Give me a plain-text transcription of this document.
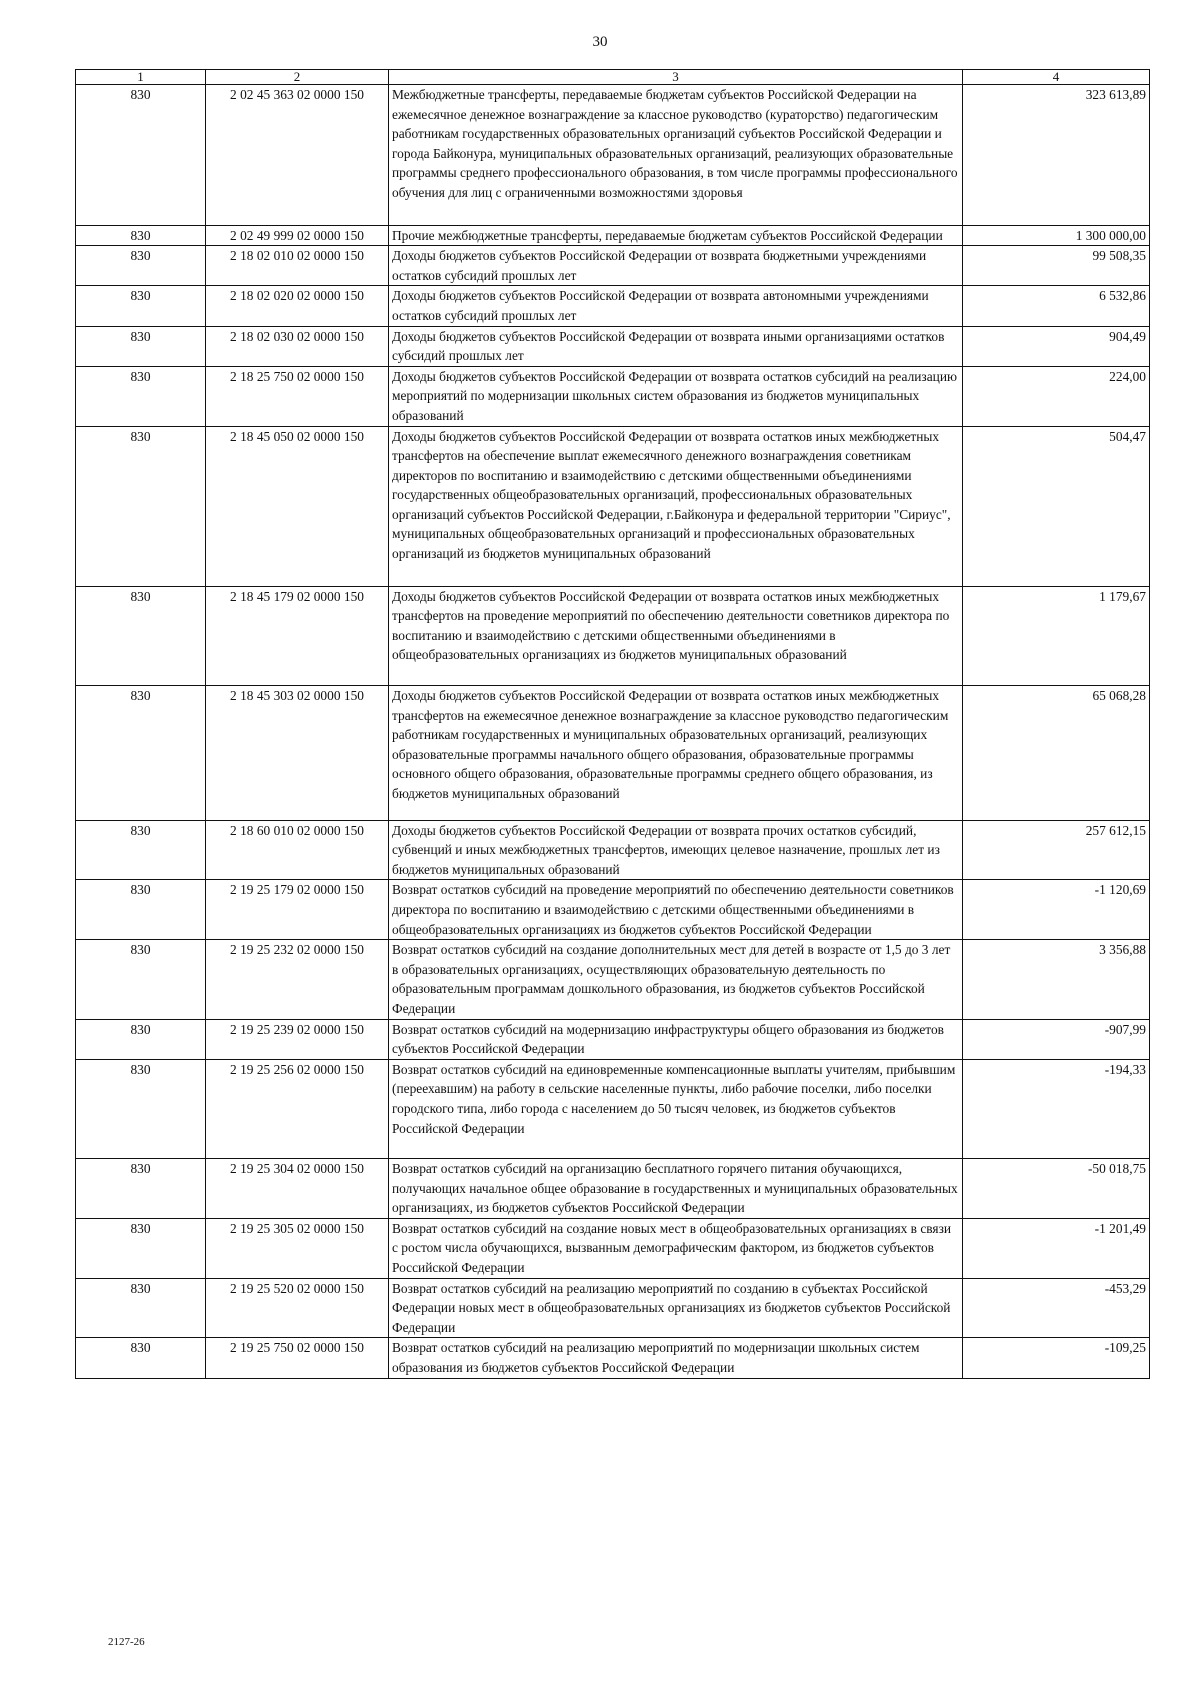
30
1	2	3	4
830	2 02 45 363 02 0000 150	Межбюджетные трансферты, передаваемые бюджетам субъектов Российской Федерации на ежемесячное денежное вознаграждение за классное руководство (кураторство) педагогическим работникам государственных образовательных организаций субъектов Российской Федерации и города Байконура, муниципальных образовательных организаций, реализующих образовательные программы среднего профессионального образования, в том числе программы профессионального обучения для лиц с ограниченными возможностями здоровья	323 613,89
830	2 02 49 999 02 0000 150	Прочие межбюджетные трансферты, передаваемые бюджетам субъектов Российской Федерации	1 300 000,00
830	2 18 02 010 02 0000 150	Доходы бюджетов субъектов Российской Федерации от возврата бюджетными учреждениями остатков субсидий прошлых лет	99 508,35
830	2 18 02 020 02 0000 150	Доходы бюджетов субъектов Российской Федерации от возврата автономными учреждениями остатков субсидий прошлых лет	6 532,86
830	2 18 02 030 02 0000 150	Доходы бюджетов субъектов Российской Федерации от возврата иными организациями остатков субсидий прошлых лет	904,49
830	2 18 25 750 02 0000 150	Доходы бюджетов субъектов Российской Федерации от возврата остатков субсидий на реализацию мероприятий по модернизации школьных систем образования из бюджетов муниципальных образований	224,00
830	2 18 45 050 02 0000 150	Доходы бюджетов субъектов Российской Федерации от возврата остатков иных межбюджетных трансфертов на обеспечение выплат ежемесячного денежного вознаграждения советникам директоров по воспитанию и взаимодействию с детскими общественными объединениями государственных общеобразовательных организаций, профессиональных образовательных организаций субъектов Российской Федерации, г.Байконура и федеральной территории "Сириус", муниципальных общеобразовательных организаций и профессиональных образовательных организаций из бюджетов муниципальных образований	504,47
830	2 18 45 179 02 0000 150	Доходы бюджетов субъектов Российской Федерации от возврата остатков иных межбюджетных трансфертов на проведение мероприятий по обеспечению деятельности советников директора по воспитанию и взаимодействию с детскими общественными объединениями в общеобразовательных организациях из бюджетов муниципальных образований	1 179,67
830	2 18 45 303 02 0000 150	Доходы бюджетов субъектов Российской Федерации от возврата остатков иных межбюджетных трансфертов на ежемесячное денежное вознаграждение за классное руководство педагогическим работникам государственных и муниципальных образовательных организаций, реализующих образовательные программы начального общего образования, образовательные программы основного общего образования, образовательные программы среднего общего образования, из бюджетов муниципальных образований	65 068,28
830	2 18 60 010 02 0000 150	Доходы бюджетов субъектов Российской Федерации от возврата прочих остатков субсидий, субвенций и иных межбюджетных трансфертов, имеющих целевое назначение, прошлых лет из бюджетов муниципальных образований	257 612,15
830	2 19 25 179 02 0000 150	Возврат остатков субсидий на проведение мероприятий по обеспечению деятельности советников директора по воспитанию и взаимодействию с детскими общественными объединениями в общеобразовательных организациях из бюджетов субъектов Российской Федерации	-1 120,69
830	2 19 25 232 02 0000 150	Возврат остатков субсидий на создание дополнительных мест для детей в возрасте от 1,5 до 3 лет в образовательных организациях, осуществляющих образовательную деятельность по образовательным программам дошкольного образования, из бюджетов субъектов Российской Федерации	3 356,88
830	2 19 25 239 02 0000 150	Возврат остатков субсидий на модернизацию инфраструктуры общего образования из бюджетов субъектов Российской Федерации	-907,99
830	2 19 25 256 02 0000 150	Возврат остатков субсидий на единовременные компенсационные выплаты учителям, прибывшим (переехавшим) на работу в сельские населенные пункты, либо рабочие поселки, либо поселки городского типа, либо города с населением до 50 тысяч человек, из бюджетов субъектов Российской Федерации	-194,33
830	2 19 25 304 02 0000 150	Возврат остатков субсидий на организацию бесплатного горячего питания обучающихся, получающих начальное общее образование в государственных и муниципальных образовательных организациях, из бюджетов субъектов Российской Федерации	-50 018,75
830	2 19 25 305 02 0000 150	Возврат остатков субсидий на создание новых мест в общеобразовательных организациях в связи с ростом числа обучающихся, вызванным демографическим фактором, из бюджетов субъектов Российской Федерации	-1 201,49
830	2 19 25 520 02 0000 150	Возврат остатков субсидий на реализацию мероприятий по созданию в субъектах Российской Федерации новых мест в общеобразовательных организациях из бюджетов субъектов Российской Федерации	-453,29
830	2 19 25 750 02 0000 150	Возврат остатков субсидий на реализацию мероприятий по модернизации школьных систем образования из бюджетов субъектов Российской Федерации	-109,25
2127-26
